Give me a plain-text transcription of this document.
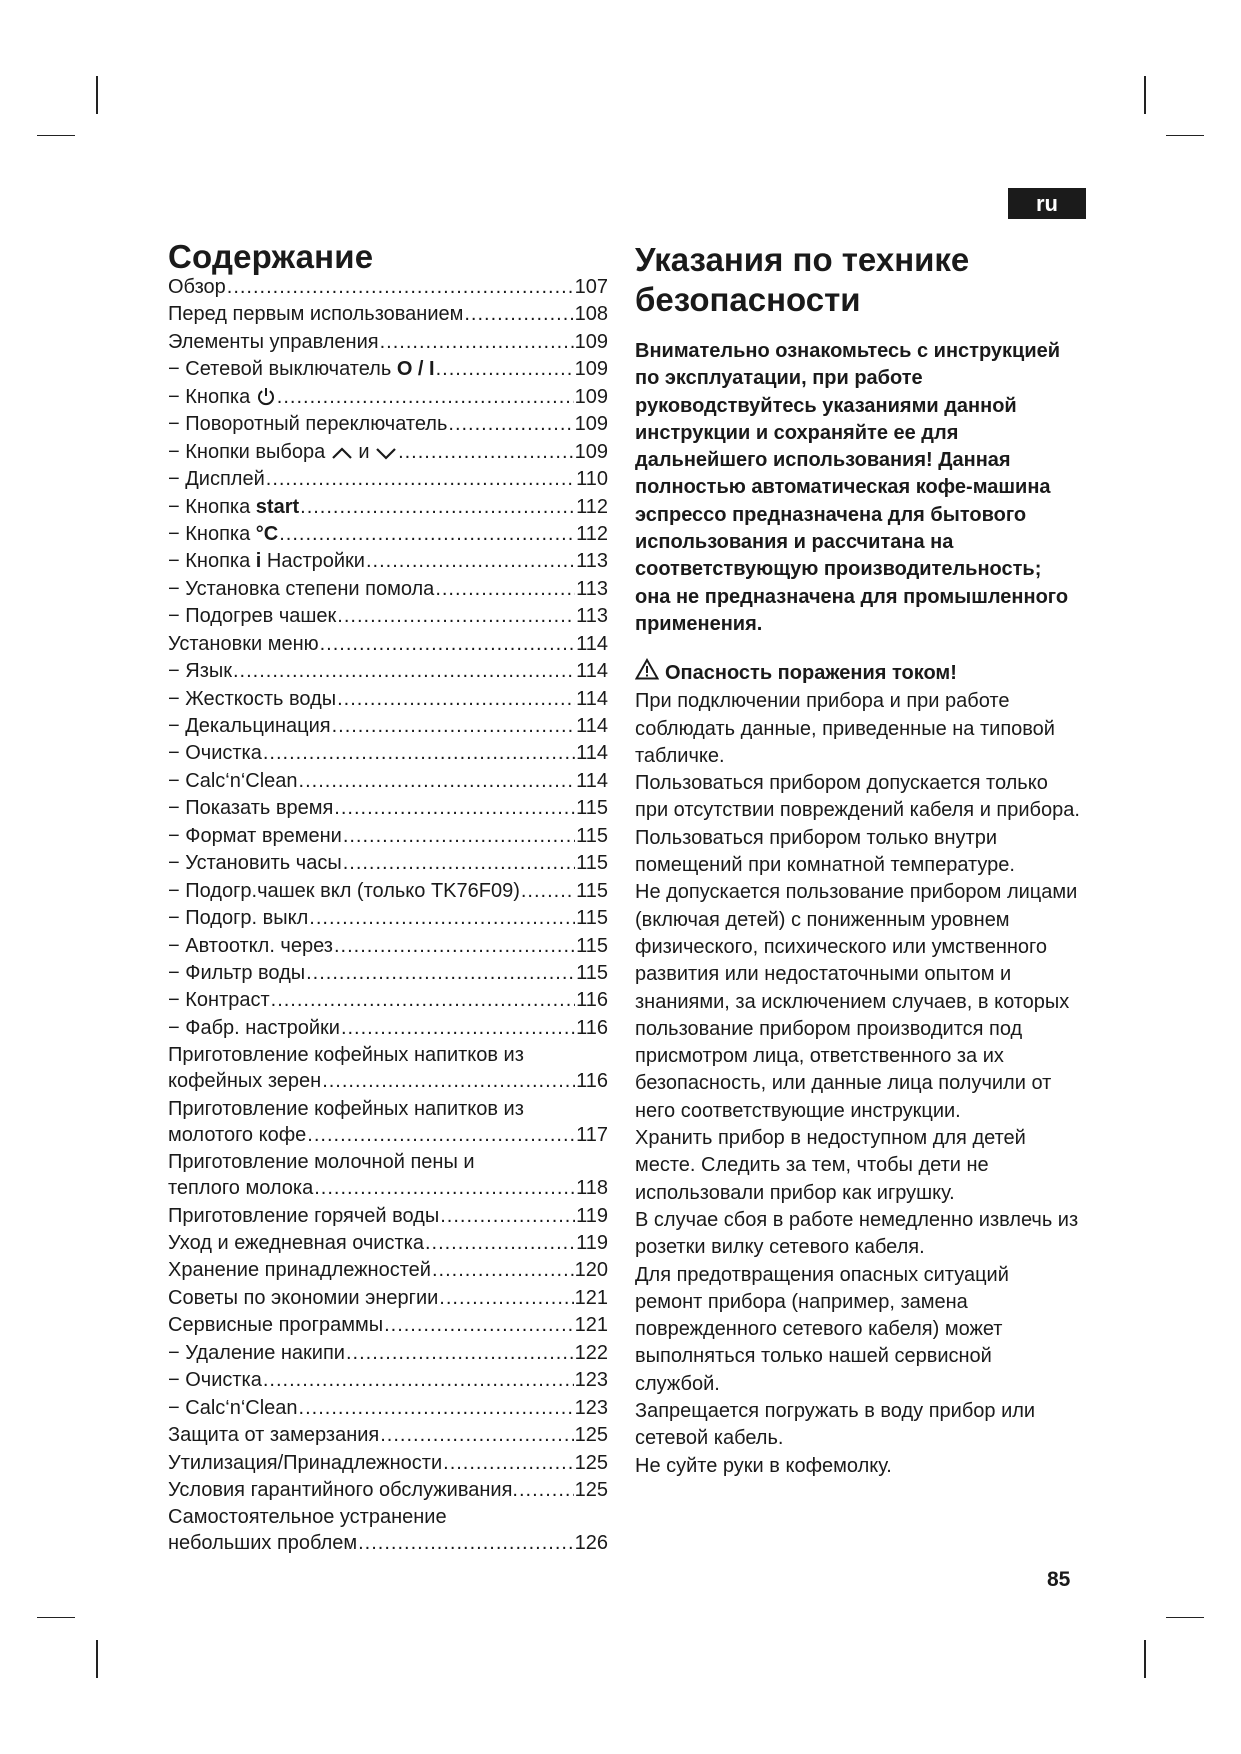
ru
Содержание
Обзор .....	107
Перед первым использованием .....	108
Элементы управления .....	109
− Сетевой выключатель O / I .....	109
− Кнопка .....	109
− Поворотный переключатель .....	109
− Кнопки выбора  и .....	109
− Дисплей .....	110
− Кнопка start .....	112
− Кнопка °C .....	112
− Кнопка i Настройки .....	113
− Установка степени помола .....	113
− Подогрев чашек .....	113
Установки меню .....	114
− Язык .....	114
− Жесткость воды .....	114
− Декальцинация .....	114
− Очистка .....	114
− Calc‘n‘Clean .....	114
− Показать время .....	115
− Формат времени .....	115
− Установить часы .....	115
− Подогр.чашек вкл (только TK76F09) .....	115
− Подогр. выкл .....	115
− Автооткл. через .....	115
− Фильтр воды .....	115
− Контраст .....	116
− Фабр. настройки .....	116
Приготовление кофейных напитков из
кофейных зерен .....	116
Приготовление кофейных напитков из
молотого кофе .....	117
Приготовление молочной пены и
теплого молока .....	118
Приготовление горячей воды .....	119
Уход и ежедневная очистка .....	119
Хранение принадлежностей .....	120
Советы по экономии энергии .....	121
Сервисные программы .....	121
− Удаление накипи .....	122
− Очистка .....	123
− Calc‘n‘Clean .....	123
Защита от замерзания .....	125
Утилизация/Принадлежности .....	125
Условия гарантийного обслуживания. .....	125
Самостоятельное устранение
небольших проблем .....	126
Указания по технике
безопасности

Внимательно ознакомьтесь с инструкцией по эксплуатации, при работе руководствуйтесь указаниями данной инструкции и сохраняйте ее для дальнейшего использования! Данная полностью автоматическая кофе-машина эспрессо предназначена для бытового использования и рассчитана на соответствующую производительность; она не предназначена для промышленного применения.

Опасность поражения током!

При подключении прибора и при работе соблюдать данные, приведенные на типовой табличке.

Пользоваться прибором допускается только при отсутствии повреждений кабеля и прибора.

Пользоваться прибором только внутри помещений при комнатной температуре.

Не допускается пользование прибором лицами (включая детей) с пониженным уровнем физического, психического или умственного развития или недостаточными опытом и знаниями, за исключением случаев, в которых пользование прибором производится под присмотром лица, ответственного за их безопасность, или данные лица получили от него соответствующие инструкции.

Хранить прибор в недоступном для детей месте. Следить за тем, чтобы дети не использовали прибор как игрушку.

В случае сбоя в работе немедленно извлечь из розетки вилку сетевого кабеля.

Для предотвращения опасных ситуаций ремонт прибора (например, замена поврежденного сетевого кабеля) может выполняться только нашей сервисной службой.

Запрещается погружать в воду прибор или сетевой кабель.

Не суйте руки в кофемолку.

85
